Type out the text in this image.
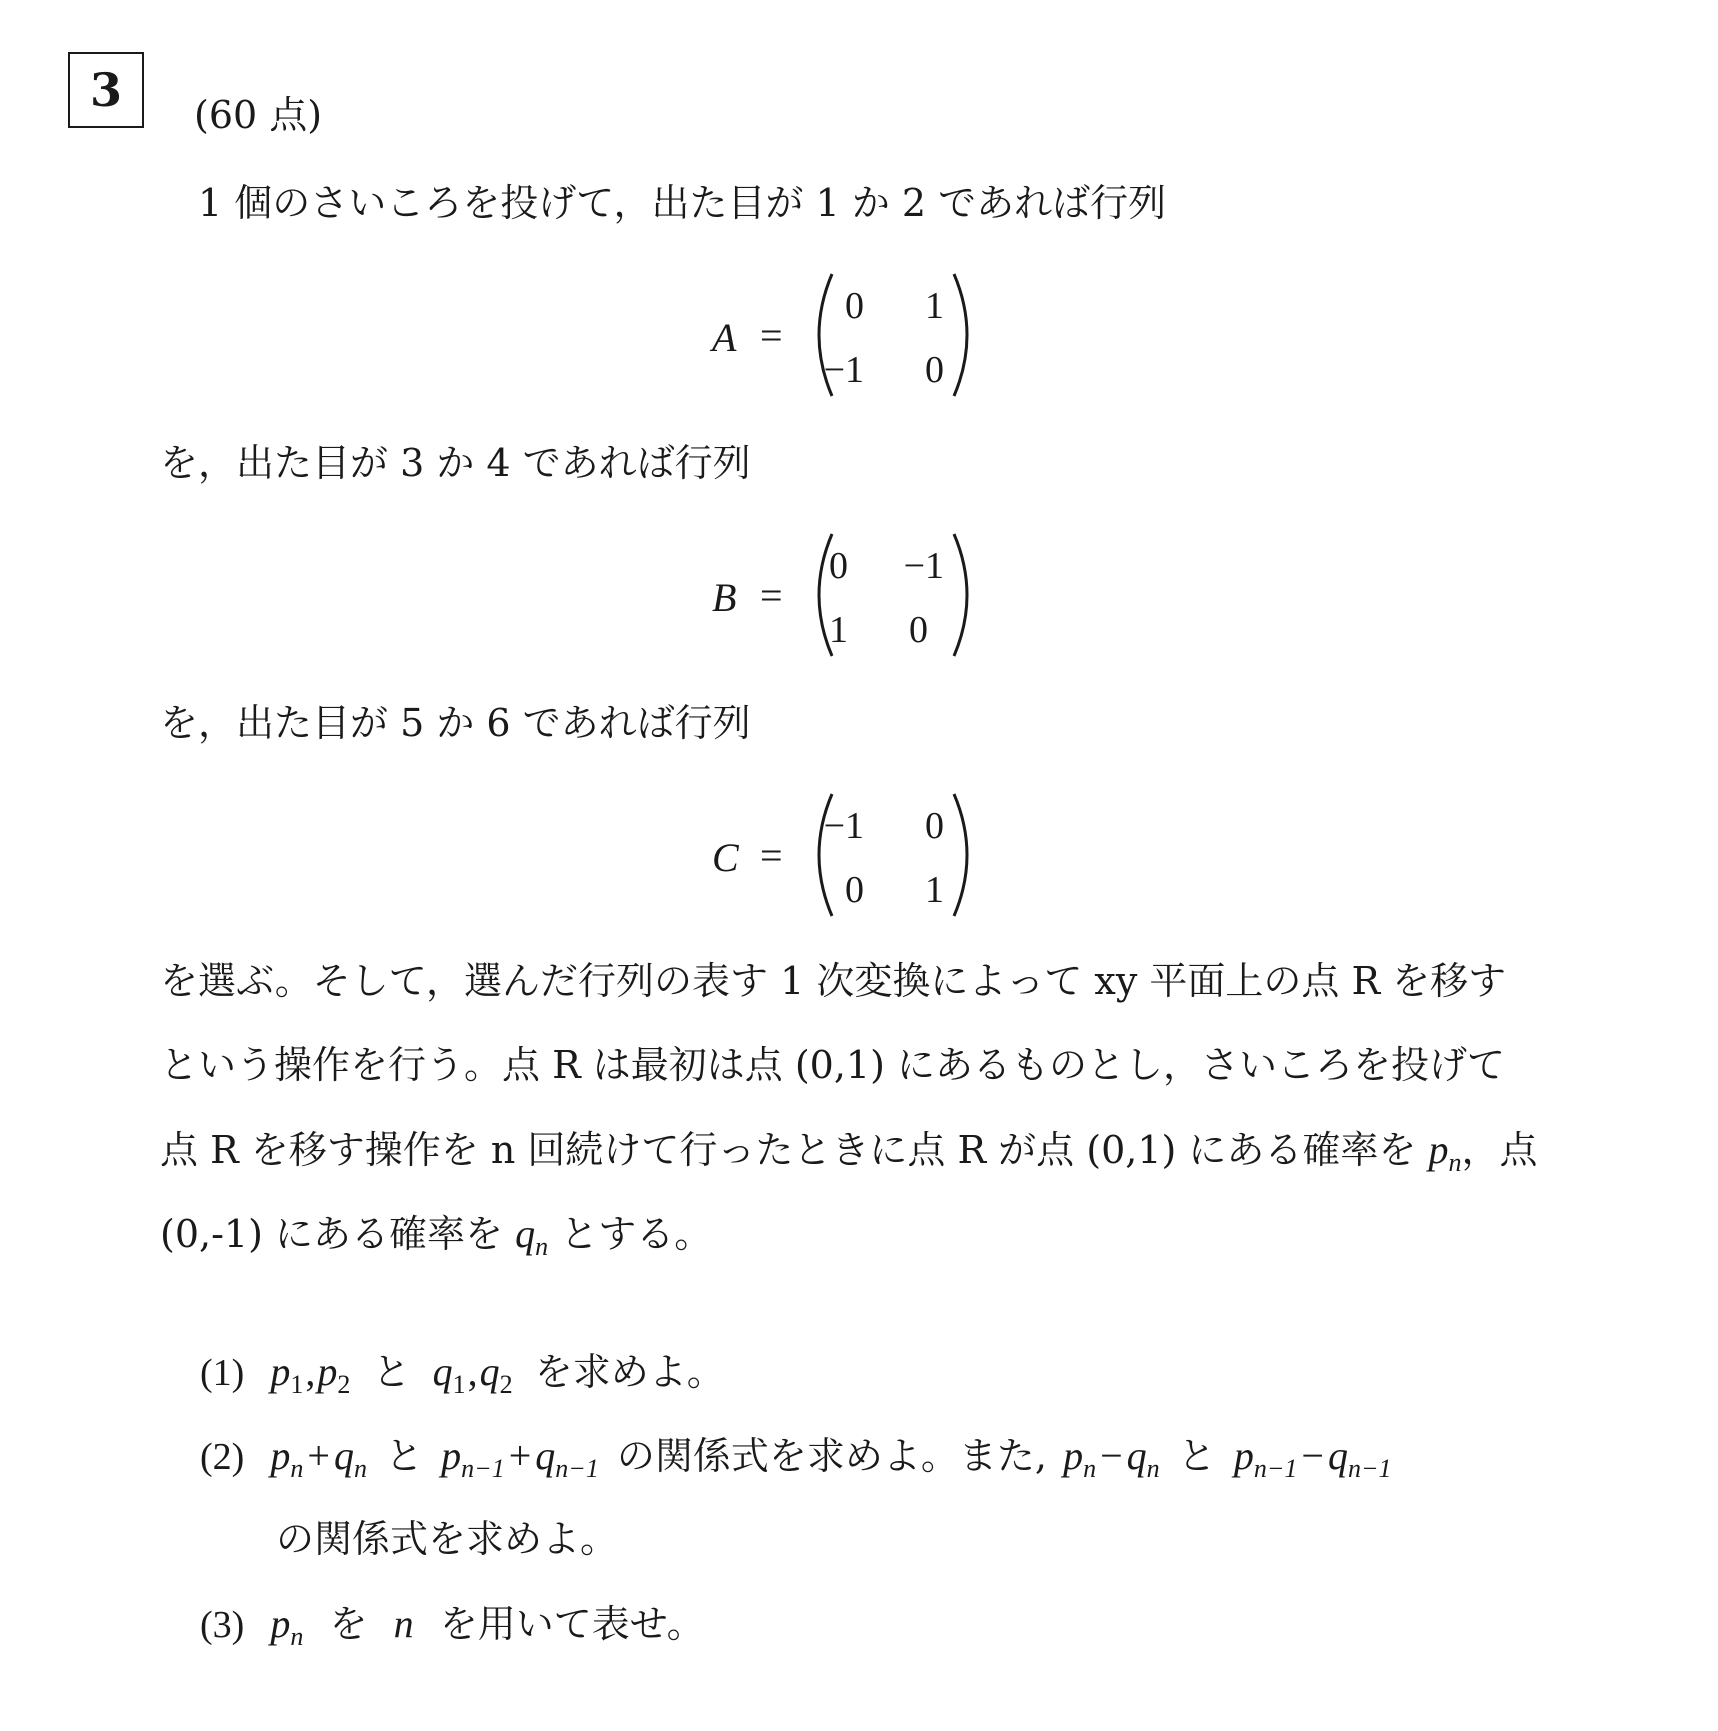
3	(60 点)
1 個のさいころを投げて，出た目が 1 か 2 であれば行列
A =
0	1
−1	0
を，出た目が 3 か 4 であれば行列
B =
0	−1
1	0
を，出た目が 5 か 6 であれば行列
C =
−1	0
0	1
を選ぶ。そして，選んだ行列の表す 1 次変換によって xy 平面上の点 R を移す
という操作を行う。点 R は最初は点 (0,1) にあるものとし，さいころを投げて
点 R を移す操作を n 回続けて行ったときに点 R が点 (0,1) にある確率を $p_n$，点
(0,-1) にある確率を $q_n$ とする。
(1) $p_1,p_2$ と $q_1,q_2$ を求めよ。
(2) $p_n + q_n$ と $p_{n-1} + q_{n-1}$ の関係式を求めよ。また, $p_n - q_n$ と $p_{n-1} - q_{n-1}$
の関係式を求めよ。
(3) $p_n$ を n を用いて表せ。
